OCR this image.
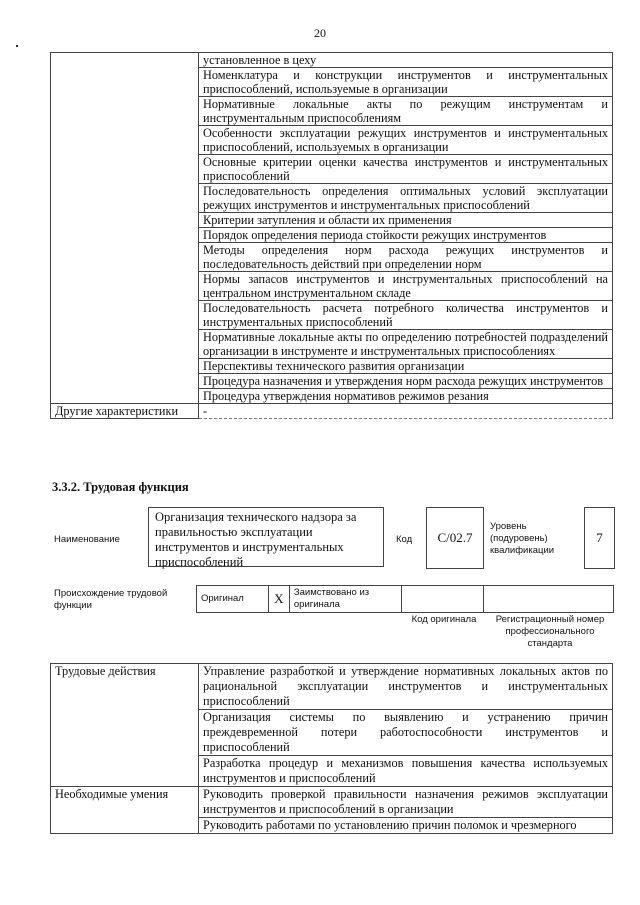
20
	установленное в цеху
	Номенклатура и конструкции инструментов и инструментальных приспособлений, используемые в организации
	Нормативные локальные акты по режущим инструментам и инструментальным приспособлениям
	Особенности эксплуатации режущих инструментов и инструментальных приспособлений, используемых в организации
	Основные критерии оценки качества инструментов и инструментальных приспособлений
	Последовательность определения оптимальных условий эксплуатации режущих инструментов и инструментальных приспособлений
	Критерии затупления и области их применения
	Порядок определения периода стойкости режущих инструментов
	Методы определения норм расхода режущих инструментов и последовательность действий при определении норм
	Нормы запасов инструментов и инструментальных приспособлений на центральном инструментальном складе
	Последовательность расчета потребного количества инструментов и инструментальных приспособлений
	Нормативные локальные акты по определению потребностей подразделений организации в инструменте и инструментальных приспособлениях
	Перспективы технического развития организации
	Процедура назначения и утверждения норм расхода режущих инструментов
	Процедура утверждения нормативов режимов резания
Другие характеристики	-
3.3.2. Трудовая функция
Наименование
Организация технического надзора за правильностью эксплуатации инструментов и инструментальных приспособлений
Код	C/02.7
Уровень (подуровень) квалификации
7
Происхождение трудовой функции
Оригинал	X	Заимствовано из оригинала		
Код оригинала	Регистрационный номер профессионального стандарта
Трудовые действия	Управление разработкой и утверждение нормативных локальных актов по рациональной эксплуатации инструментов и инструментальных приспособлений
	Организация системы по выявлению и устранению причин преждевременной потери работоспособности инструментов и приспособлений
	Разработка процедур и механизмов повышения качества используемых инструментов и приспособлений
Необходимые умения	Руководить проверкой правильности назначения режимов эксплуатации инструментов и приспособлений в организации
	Руководить работами по установлению причин поломок и чрезмерного
